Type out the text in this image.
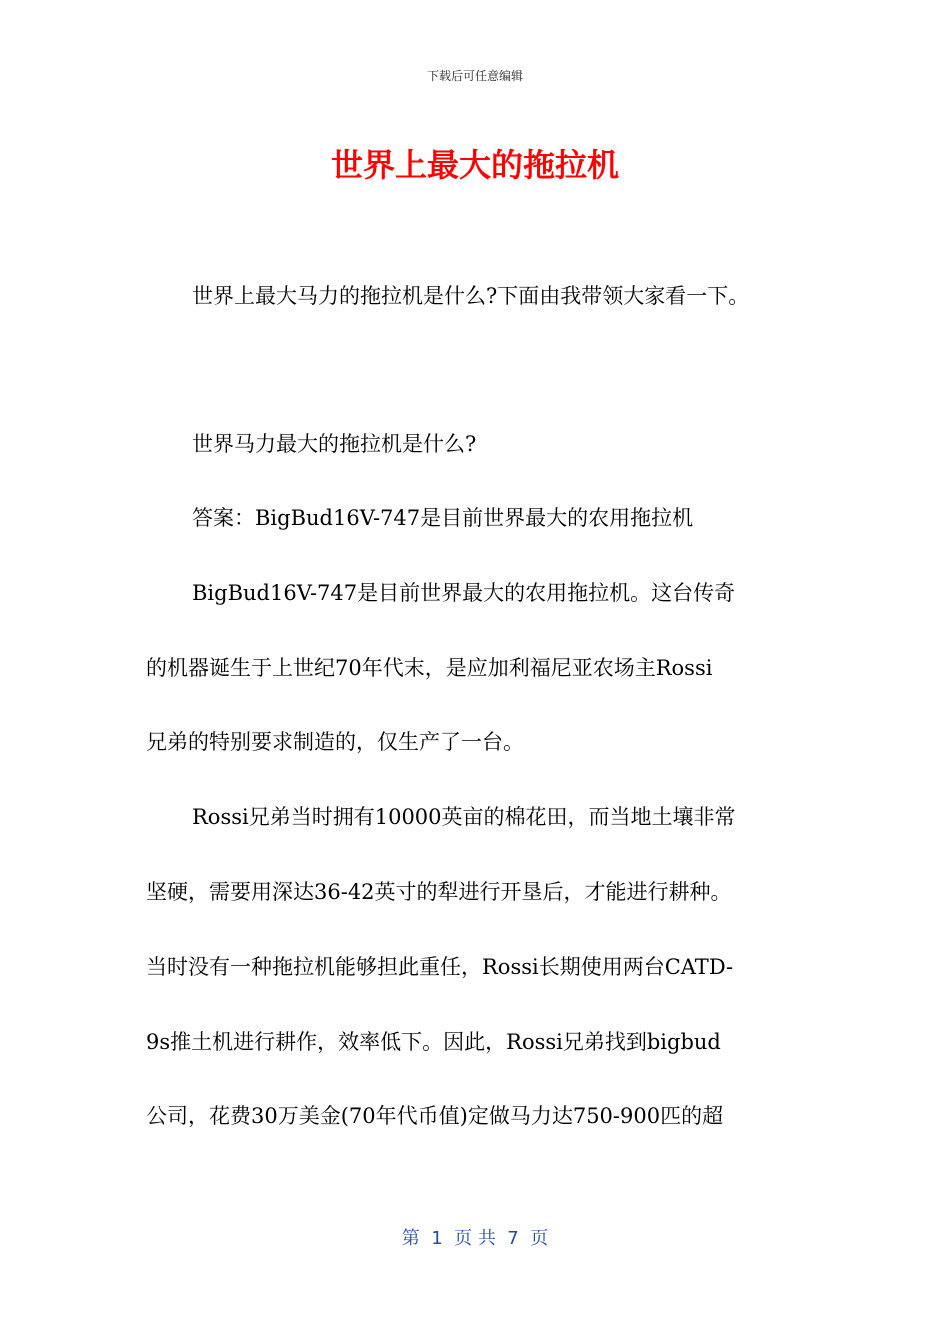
下载后可任意编辑
世界上最大的拖拉机
世界上最大马力的拖拉机是什么?下面由我带领大家看一下。
世界马力最大的拖拉机是什么?
答案：BigBud16V-747是目前世界最大的农用拖拉机
BigBud16V-747是目前世界最大的农用拖拉机。这台传奇
的机器诞生于上世纪70年代末，是应加利福尼亚农场主Rossi
兄弟的特别要求制造的，仅生产了一台。
Rossi兄弟当时拥有10000英亩的棉花田，而当地土壤非常
坚硬，需要用深达36-42英寸的犁进行开垦后，才能进行耕种。
当时没有一种拖拉机能够担此重任，Rossi长期使用两台CATD-
9s推土机进行耕作，效率低下。因此，Rossi兄弟找到bigbud
公司，花费30万美金(70年代币值)定做马力达750-900匹的超
第  1  页 共  7  页
